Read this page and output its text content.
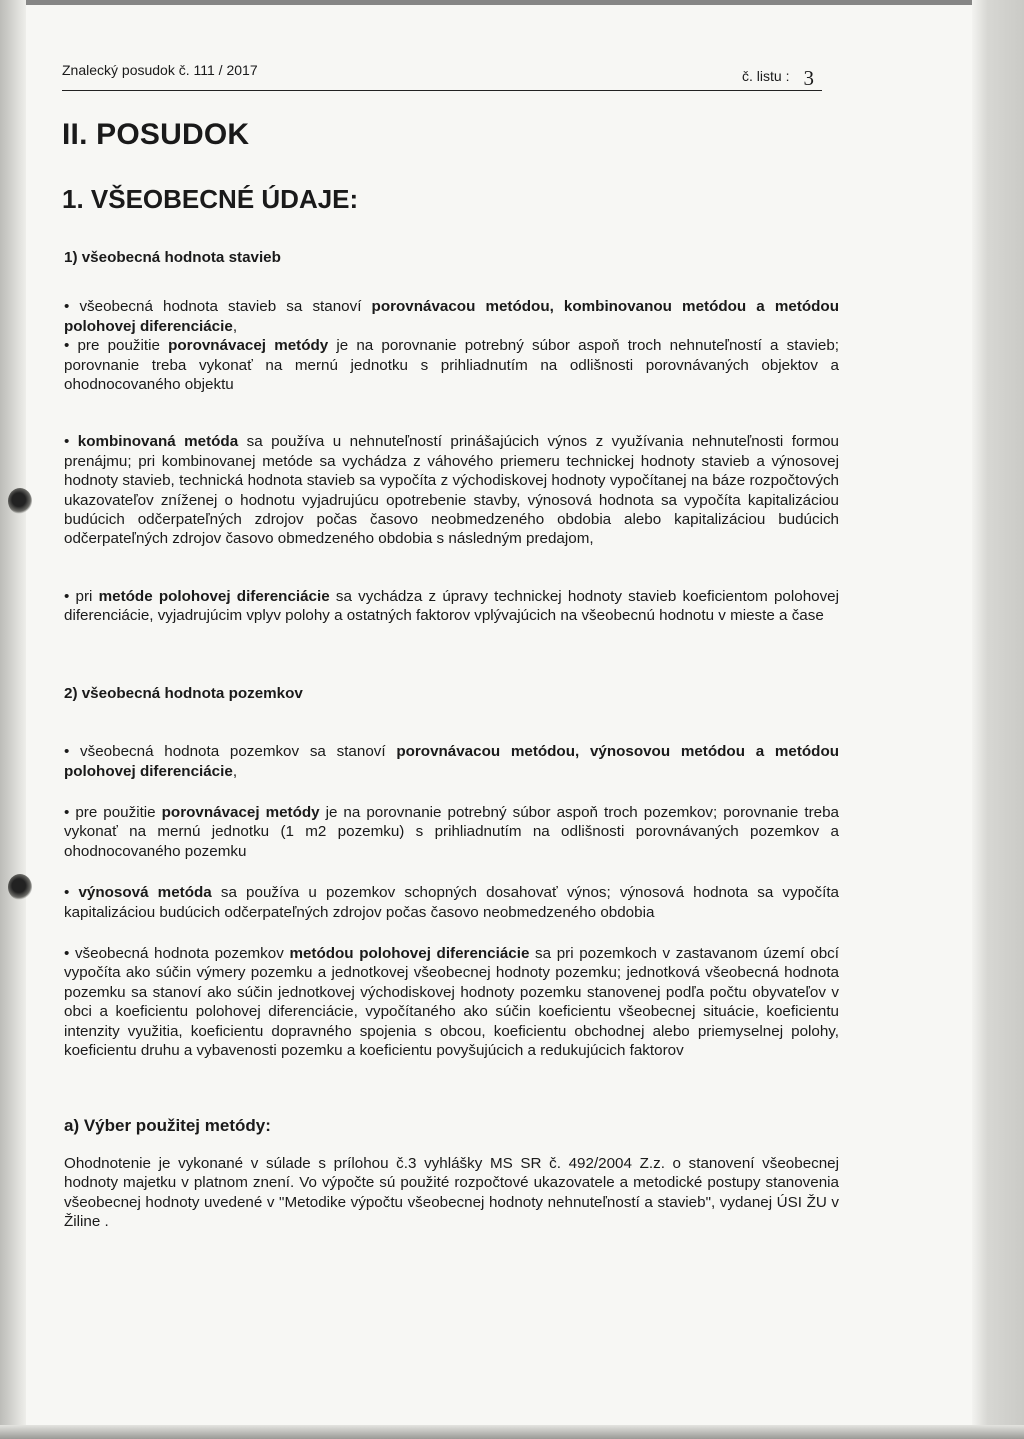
Znalecký posudok č. 111 / 2017	č. listu : 3
II. POSUDOK
1. VŠEOBECNÉ ÚDAJE:

1) všeobecná hodnota stavieb

• všeobecná hodnota stavieb sa stanoví porovnávacou metódou, kombinovanou metódou a metódou polohovej diferenciácie,

• pre použitie porovnávacej metódy je na porovnanie potrebný súbor aspoň troch nehnuteľností a stavieb; porovnanie treba vykonať na mernú jednotku s prihliadnutím na odlišnosti porovnávaných objektov a ohodnocovaného objektu

• kombinovaná metóda sa používa u nehnuteľností prinášajúcich výnos z využívania nehnuteľnosti formou prenájmu; pri kombinovanej metóde sa vychádza z váhového priemeru technickej hodnoty stavieb a výnosovej hodnoty stavieb, technická hodnota stavieb sa vypočíta z východiskovej hodnoty vypočítanej na báze rozpočtových ukazovateľov zníženej o hodnotu vyjadrujúcu opotrebenie stavby, výnosová hodnota sa vypočíta kapitalizáciou budúcich odčerpateľných zdrojov počas časovo neobmedzeného obdobia alebo kapitalizáciou budúcich odčerpateľných zdrojov časovo obmedzeného obdobia s následným predajom,

• pri metóde polohovej diferenciácie sa vychádza z úpravy technickej hodnoty stavieb koeficientom polohovej diferenciácie, vyjadrujúcim vplyv polohy a ostatných faktorov vplývajúcich na všeobecnú hodnotu v mieste a čase

2) všeobecná hodnota pozemkov

• všeobecná hodnota pozemkov sa stanoví porovnávacou metódou, výnosovou metódou a metódou polohovej diferenciácie,

• pre použitie porovnávacej metódy je na porovnanie potrebný súbor aspoň troch pozemkov; porovnanie treba vykonať na mernú jednotku (1 m2 pozemku) s prihliadnutím na odlišnosti porovnávaných pozemkov a ohodnocovaného pozemku

• výnosová metóda sa používa u pozemkov schopných dosahovať výnos; výnosová hodnota sa vypočíta kapitalizáciou budúcich odčerpateľných zdrojov počas časovo neobmedzeného obdobia

• všeobecná hodnota pozemkov metódou polohovej diferenciácie sa pri pozemkoch v zastavanom území obcí vypočíta ako súčin výmery pozemku a jednotkovej všeobecnej hodnoty pozemku; jednotková všeobecná hodnota pozemku sa stanoví ako súčin jednotkovej východiskovej hodnoty pozemku stanovenej podľa počtu obyvateľov v obci a koeficientu polohovej diferenciácie, vypočítaného ako súčin koeficientu všeobecnej situácie, koeficientu intenzity využitia, koeficientu dopravného spojenia s obcou, koeficientu obchodnej alebo priemyselnej polohy, koeficientu druhu a vybavenosti pozemku a koeficientu povyšujúcich a redukujúcich faktorov

a) Výber použitej metódy:

Ohodnotenie je vykonané v súlade s prílohou č.3 vyhlášky MS SR č. 492/2004 Z.z. o stanovení všeobecnej hodnoty majetku v platnom znení. Vo výpočte sú použité rozpočtové ukazovatele a metodické postupy stanovenia všeobecnej hodnoty uvedené v "Metodike výpočtu všeobecnej hodnoty nehnuteľností a stavieb", vydanej ÚSI ŽU v Žiline .
